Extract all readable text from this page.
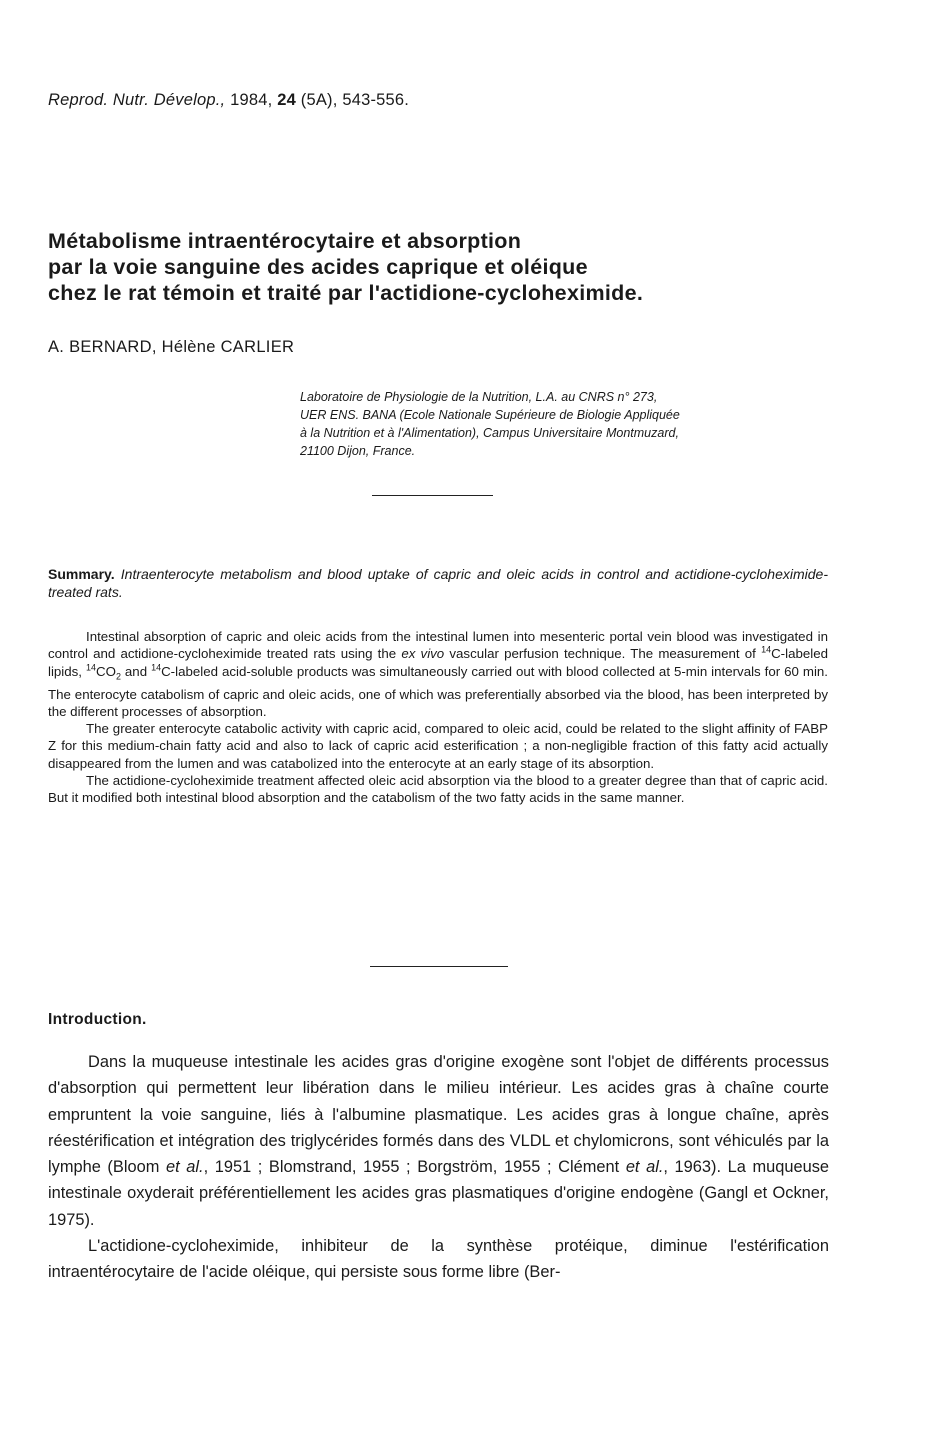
Reprod. Nutr. Dévelop., 1984, 24 (5A), 543-556.
Métabolisme intraentérocytaire et absorption
par la voie sanguine des acides caprique et oléique
chez le rat témoin et traité par l'actidione-cycloheximide.
A. BERNARD, Hélène CARLIER
Laboratoire de Physiologie de la Nutrition, L.A. au CNRS n° 273,
UER ENS. BANA (Ecole Nationale Supérieure de Biologie Appliquée
à la Nutrition et à l'Alimentation), Campus Universitaire Montmuzard,
21100 Dijon, France.
Summary. Intraenterocyte metabolism and blood uptake of capric and oleic acids in control and actidione-cycloheximide-treated rats.

Intestinal absorption of capric and oleic acids from the intestinal lumen into mesenteric portal vein blood was investigated in control and actidione-cycloheximide treated rats using the ex vivo vascular perfusion technique. The measurement of $^{14}$C-labeled lipids, $^{14}CO_2$ and $^{14}$C-labeled acid-soluble products was simultaneously carried out with blood collected at 5-min intervals for 60 min. The enterocyte catabolism of capric and oleic acids, one of which was preferentially absorbed via the blood, has been interpreted by the different processes of absorption.

The greater enterocyte catabolic activity with capric acid, compared to oleic acid, could be related to the slight affinity of FABP Z for this medium-chain fatty acid and also to lack of capric acid esterification ; a non-negligible fraction of this fatty acid actually disappeared from the lumen and was catabolized into the enterocyte at an early stage of its absorption.

The actidione-cycloheximide treatment affected oleic acid absorption via the blood to a greater degree than that of capric acid. But it modified both intestinal blood absorption and the catabolism of the two fatty acids in the same manner.

Introduction.

Dans la muqueuse intestinale les acides gras d'origine exogène sont l'objet de différents processus d'absorption qui permettent leur libération dans le milieu intérieur. Les acides gras à chaîne courte empruntent la voie sanguine, liés à l'albumine plasmatique. Les acides gras à longue chaîne, après réestérification et intégration des triglycérides formés dans des VLDL et chylomicrons, sont véhiculés par la lymphe (Bloom et al., 1951 ; Blomstrand, 1955 ; Borgström, 1955 ; Clément et al., 1963). La muqueuse intestinale oxyderait préférentiellement les acides gras plasmatiques d'origine endogène (Gangl et Ockner, 1975).

L'actidione-cycloheximide, inhibiteur de la synthèse protéique, diminue l'estérification intraentérocytaire de l'acide oléique, qui persiste sous forme libre (Ber-
